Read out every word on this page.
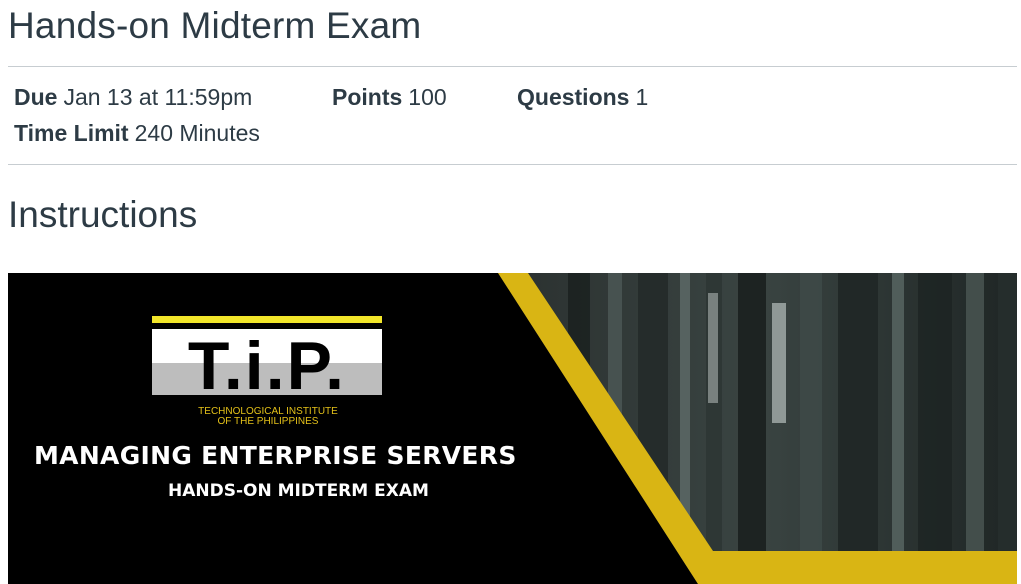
Hands-on Midterm Exam
Due Jan 13 at 11:59pm	Points 100	Questions 1
Time Limit 240 Minutes
Instructions
T.i.P.
TECHNOLOGICAL INSTITUTE
OF THE PHILIPPINES
MANAGING ENTERPRISE SERVERS
HANDS-ON MIDTERM EXAM
